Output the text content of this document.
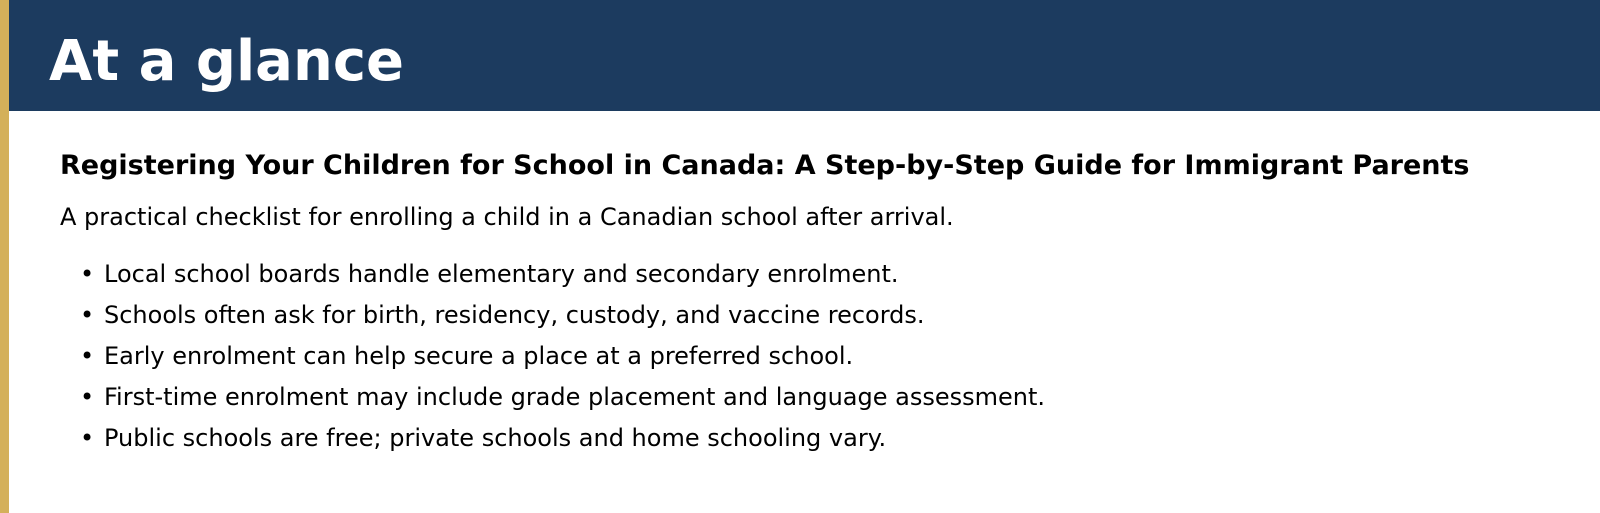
At a glance
Registering Your Children for School in Canada: A Step-by-Step Guide for Immigrant Parents

A practical checklist for enrolling a child in a Canadian school after arrival.

• Local school boards handle elementary and secondary enrolment.
• Schools often ask for birth, residency, custody, and vaccine records.
• Early enrolment can help secure a place at a preferred school.
• First-time enrolment may include grade placement and language assessment.
• Public schools are free; private schools and home schooling vary.
